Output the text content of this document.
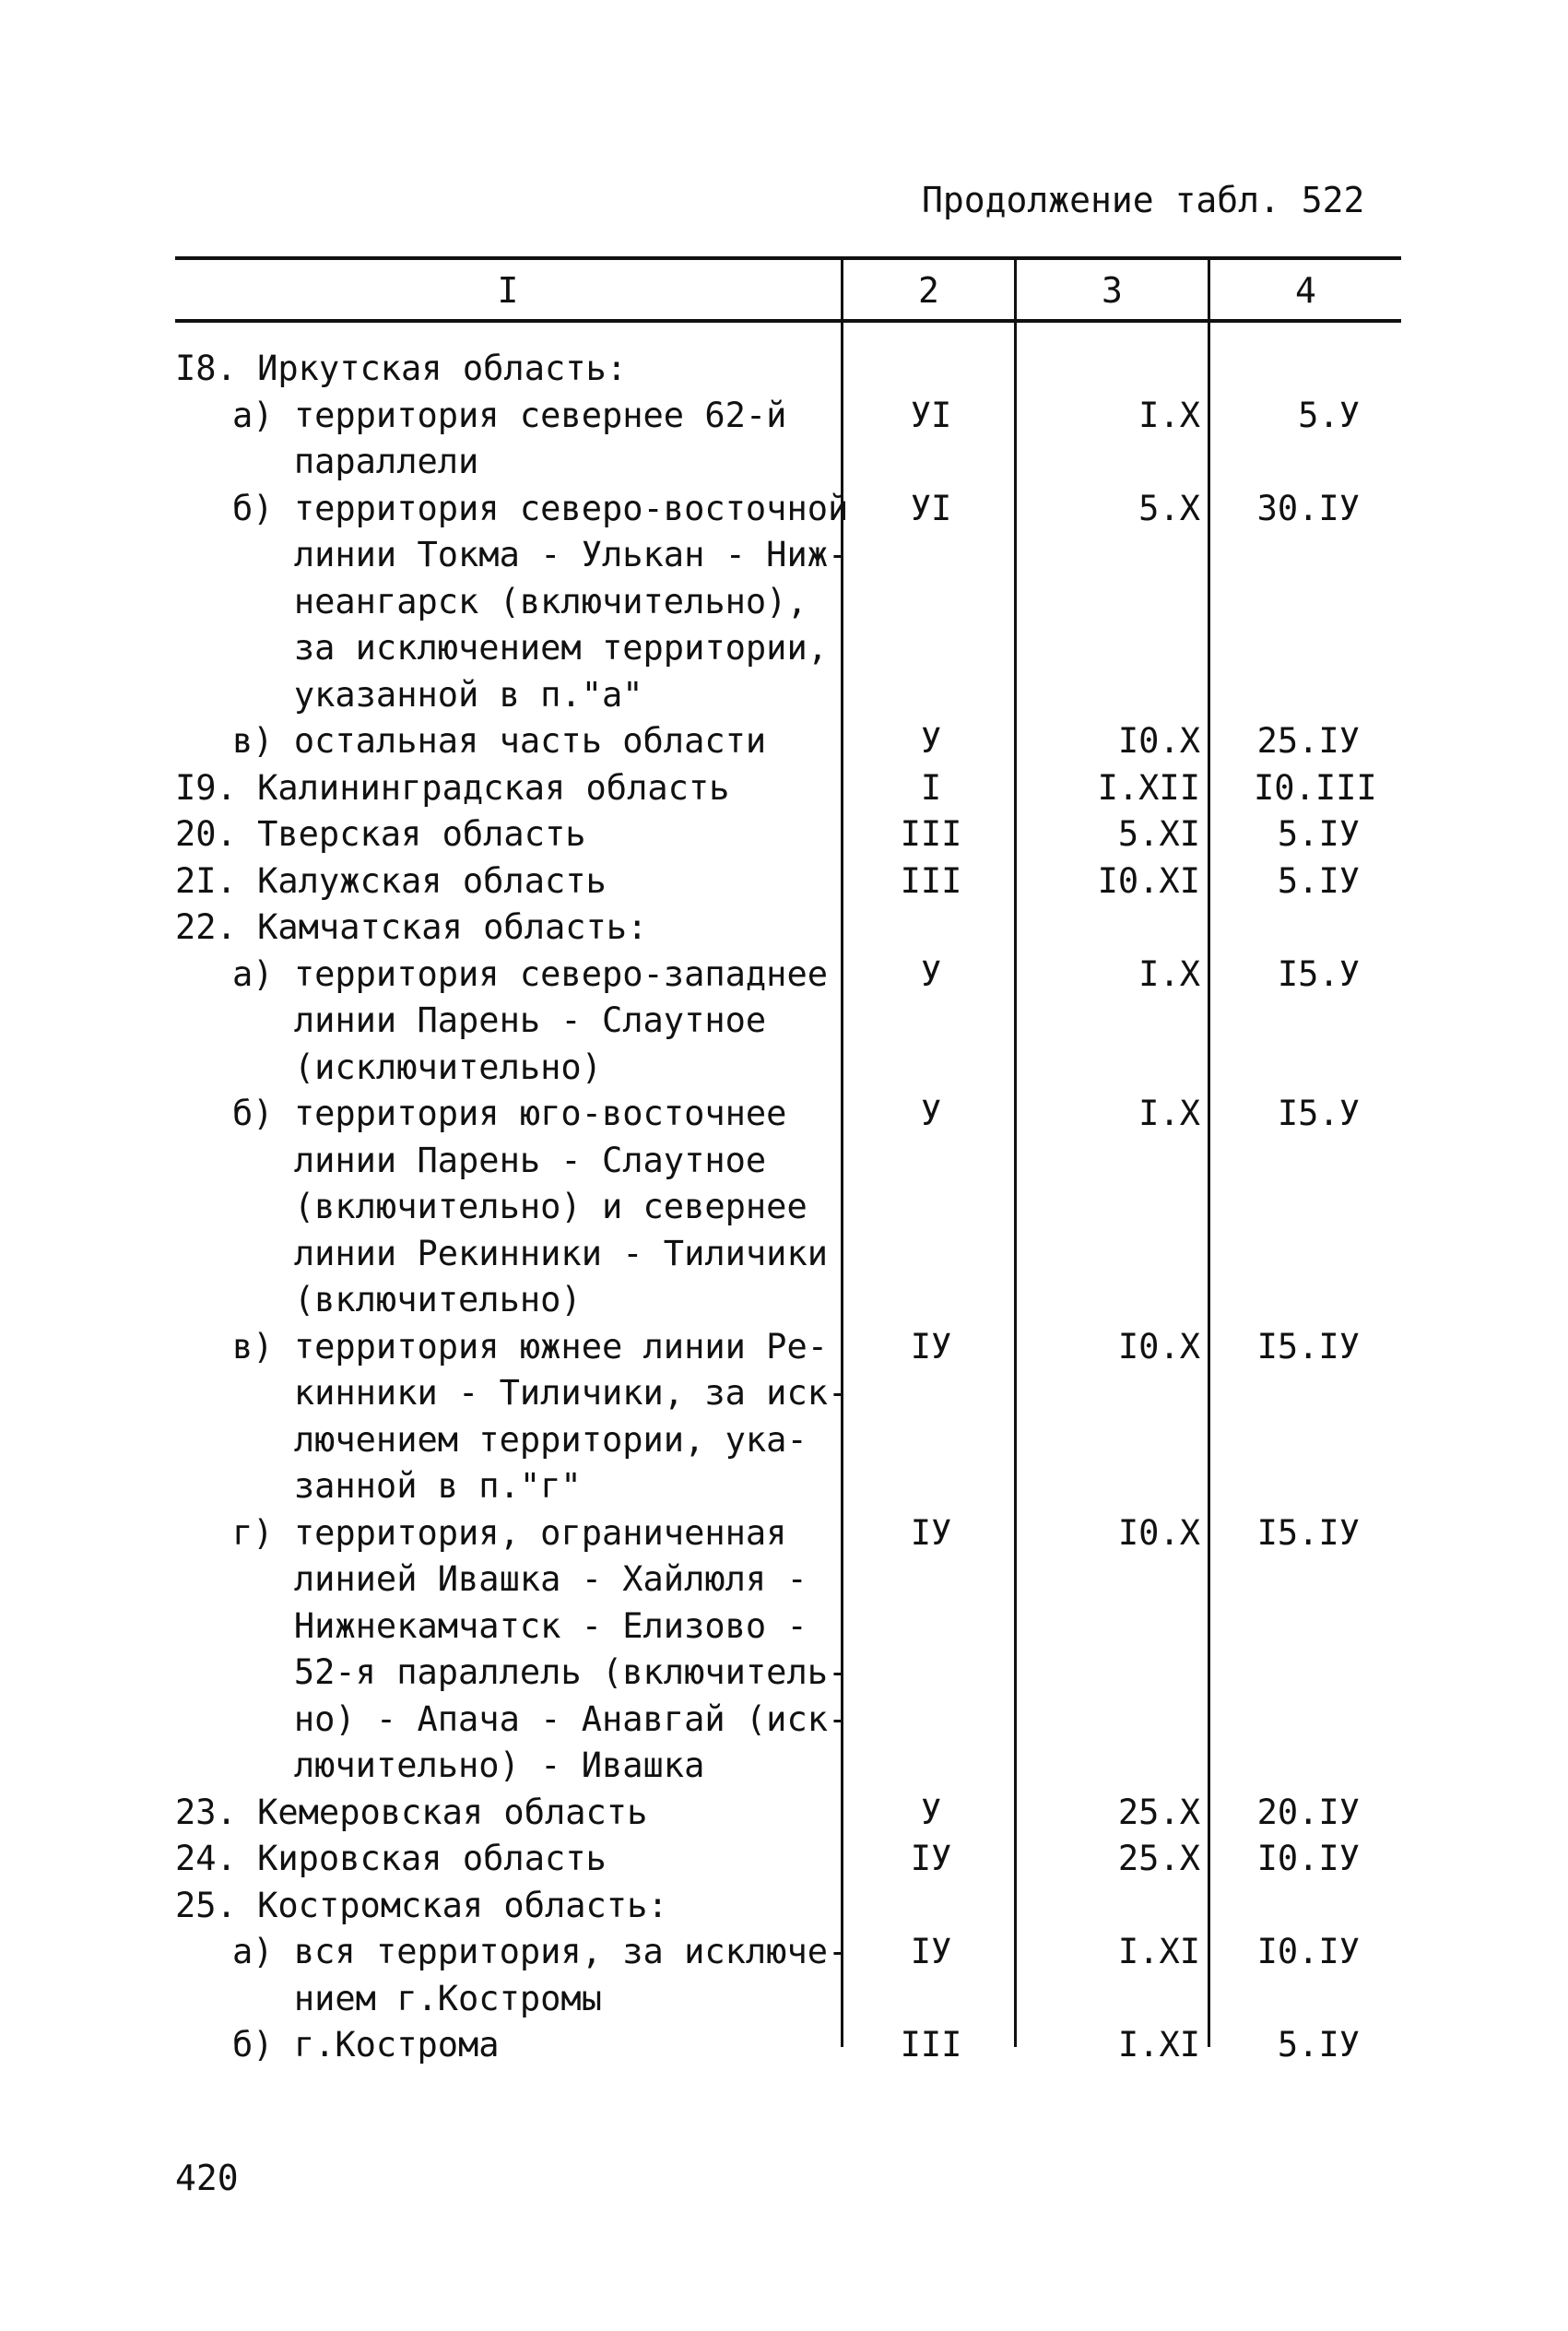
Продолжение табл. 522
I	2	3	4
I8. Иркутская область:
а) территория севернее 62-й
параллели
УI	I.X	5.У
б) территория северо-восточной
линии Токма - Улькан - Ниж-
неангарск (включительно),
за исключением территории,
указанной в п."а"
УI	5.X 30.IУ
в) остальная часть области	У	I0.X 25.IУ
I9. Калининградская область	I	I.XII I0.III
20. Тверская область	III	5.XI	5.IУ
2I. Калужская область	III	I0.XI	5.IУ
22. Камчатская область:
а) территория северо-западнее
линии Парень - Слаутное
(исключительно)
У	I.X	I5.У
б) территория юго-восточнее
линии Парень - Слаутное
(включительно) и севернее
линии Рекинники - Тиличики
(включительно)
У	I.X	I5.У
в) территория южнее линии Ре-
кинники - Тиличики, за иск-
лючением территории, ука-
занной в п."г"
IУ	I0.X I5.IУ
г) территория, ограниченная
линией Ивашка - Хайлюля -
Нижнекамчатск - Елизово -
52-я параллель (включитель-
но) - Апача - Анавгай (иск-
лючительно) - Ивашка
IУ	I0.X I5.IУ
23. Кемеровская область	У	25.X 20.IУ
24. Кировская область	IУ	25.X I0.IУ
25. Костромская область:
а) вся территория, за исключе-
нием г.Костромы
IУ	I.XI I0.IУ
б) г.Кострома	III	I.XI	5.IУ
420
